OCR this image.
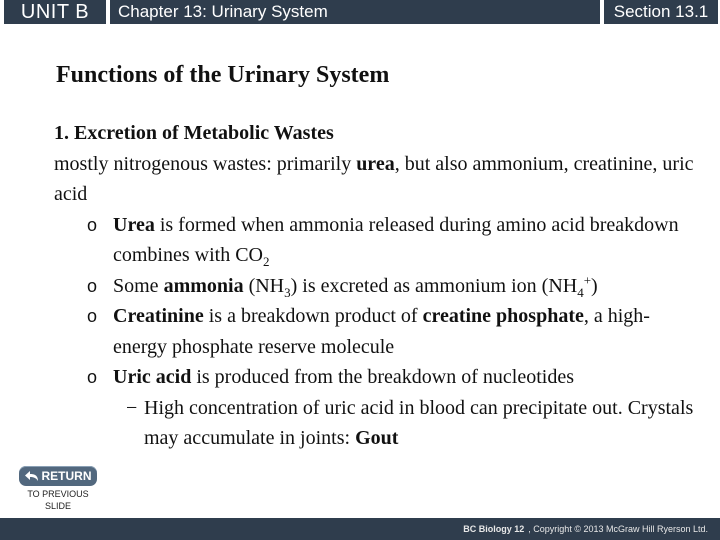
UNIT B	Chapter 13: Urinary System	Section 13.1
Functions of the Urinary System

1. Excretion of Metabolic Wastes

mostly nitrogenous wastes: primarily urea, but also ammonium, creatinine, uric acid

o Urea is formed when ammonia released during amino acid breakdown combines with $CO_2$
o Some ammonia $(NH_3)$ is excreted as ammonium ion $(NH_4^+)$
o Creatinine is a breakdown product of creatine phosphate, a high-energy phosphate reserve molecule
o Uric acid is produced from the breakdown of nucleotides

− High concentration of uric acid in blood can precipitate out. Crystals may accumulate in joints: Gout

RETURN
TO PREVIOUS SLIDE
BC Biology 12 , Copyright © 2013 McGraw Hill Ryerson Ltd.
